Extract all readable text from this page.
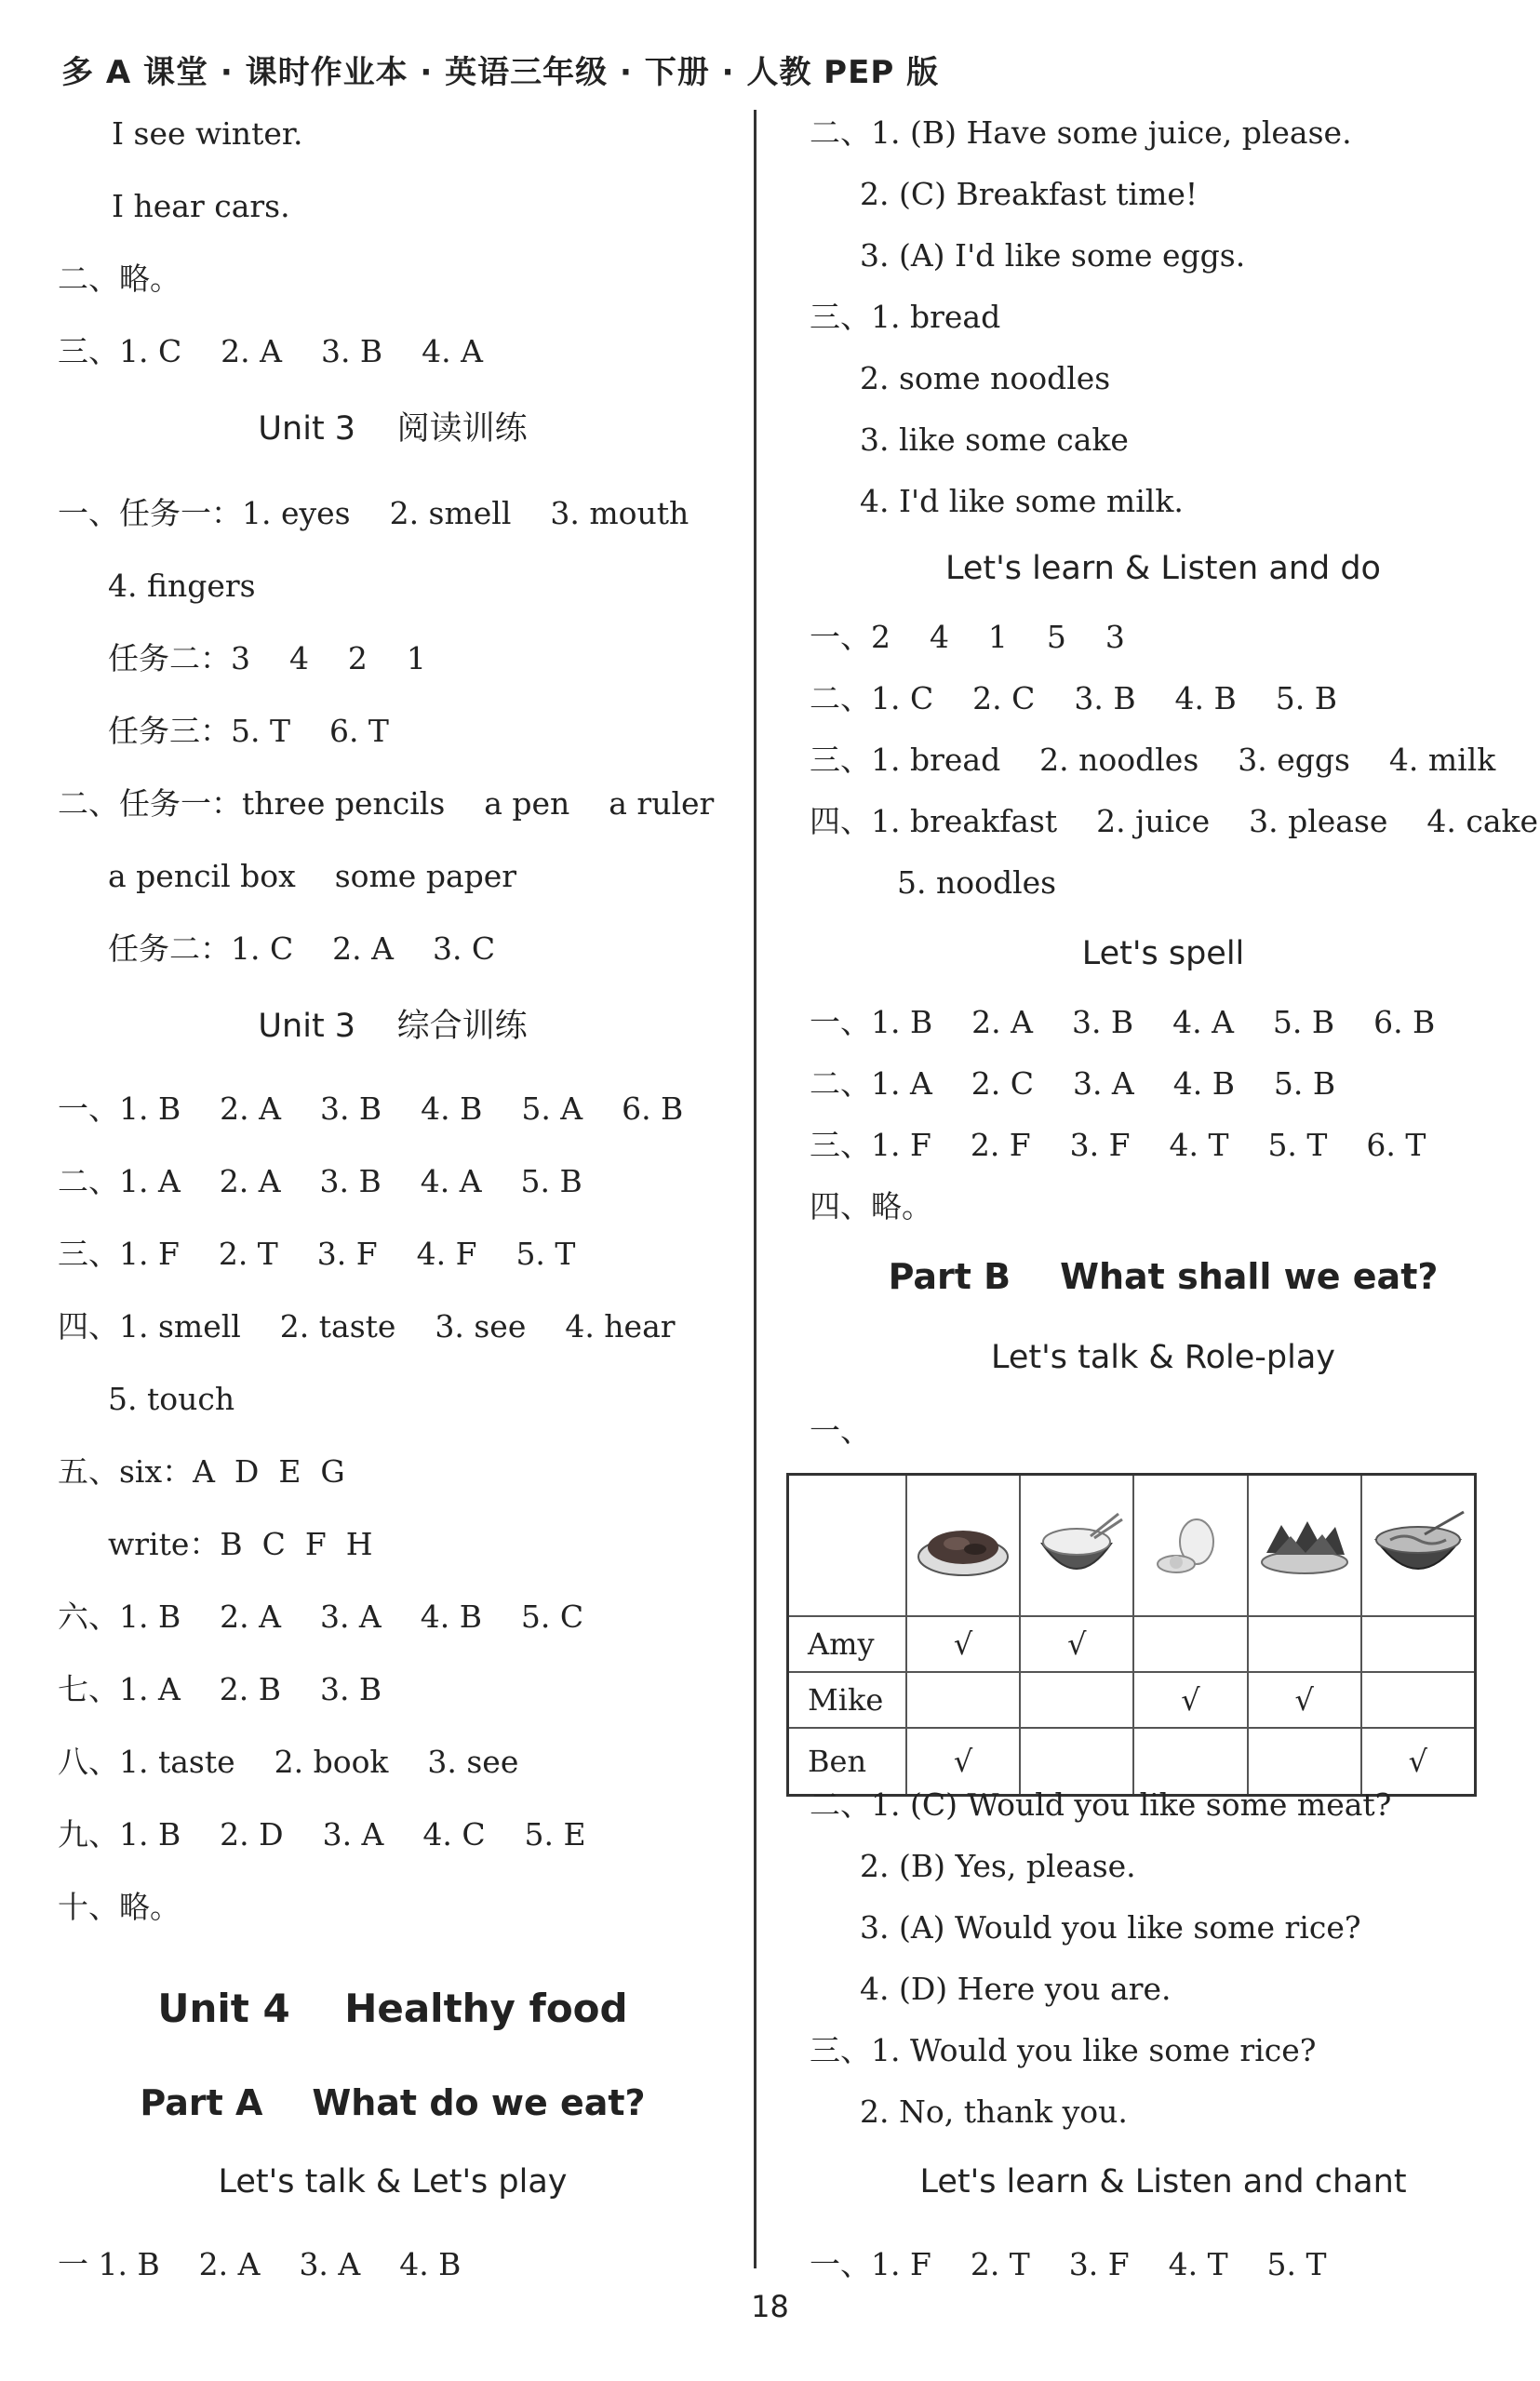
多 A 课堂 · 课时作业本 · 英语三年级 · 下册 · 人教 PEP 版
I see winter.
I hear cars.
二、略。
三、1. C    2. A    3. B    4. A
Unit 3    阅读训练
一、任务一：1. eyes    2. smell    3. mouth
4. fingers
任务二：3    4    2    1
任务三：5. T    6. T
二、任务一：three pencils    a pen    a ruler
a pencil box    some paper
任务二：1. C    2. A    3. C
Unit 3    综合训练
一、1. B    2. A    3. B    4. B    5. A    6. B
二、1. A    2. A    3. B    4. A    5. B
三、1. F    2. T    3. F    4. F    5. T
四、1. smell    2. taste    3. see    4. hear
5. touch
五、six：A  D  E  G
write：B  C  F  H
六、1. B    2. A    3. A    4. B    5. C
七、1. A    2. B    3. B
八、1. taste    2. book    3. see
九、1. B    2. D    3. A    4. C    5. E
十、略。
Unit 4    Healthy food
Part A    What do we eat?
Let's talk & Let's play
一 1. B    2. A    3. A    4. B
二、1. (B) Have some juice, please.
2. (C) Breakfast time!
3. (A) I'd like some eggs.
三、1. bread
2. some noodles
3. like some cake
4. I'd like some milk.
Let's learn & Listen and do
一、2    4    1    5    3
二、1. C    2. C    3. B    4. B    5. B
三、1. bread    2. noodles    3. eggs    4. milk
四、1. breakfast    2. juice    3. please    4. cake
5. noodles
Let's spell
一、1. B    2. A    3. B    4. A    5. B    6. B
二、1. A    2. C    3. A    4. B    5. B
三、1. F    2. F    3. F    4. T    5. T    6. T
四、略。
Part B    What shall we eat?
Let's talk & Role-play
一、

Amy	√	√			
Mike			√	√	
Ben	√				√
二、1. (C) Would you like some meat?
2. (B) Yes, please.
3. (A) Would you like some rice?
4. (D) Here you are.
三、1. Would you like some rice?
2. No, thank you.
Let's learn & Listen and chant
一、1. F    2. T    3. F    4. T    5. T
18
